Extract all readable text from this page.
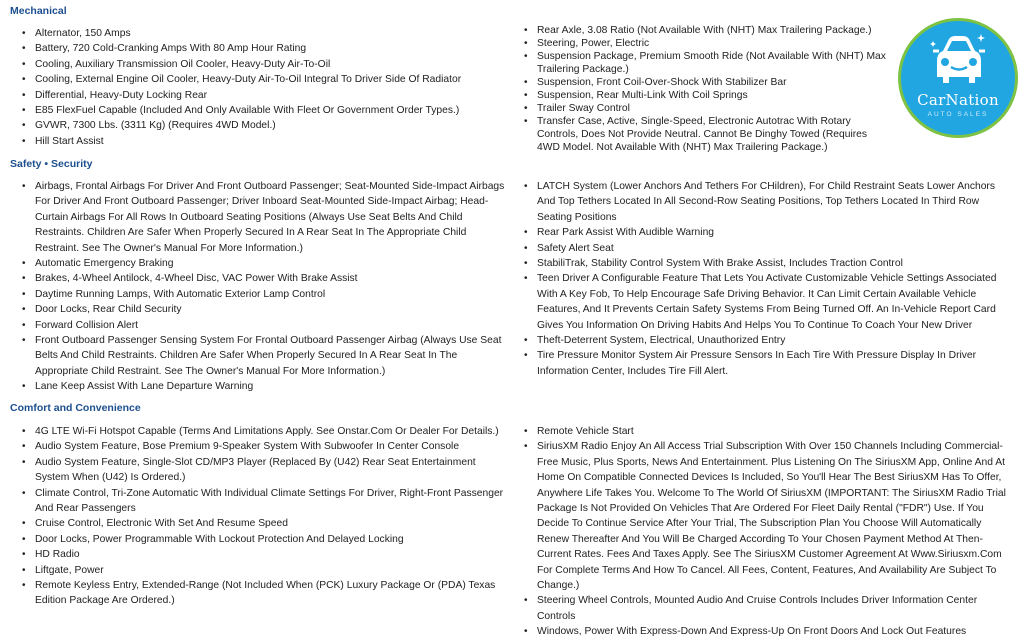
Mechanical
• Alternator, 150 Amps
• Battery, 720 Cold-Cranking Amps With 80 Amp Hour Rating
• Cooling, Auxiliary Transmission Oil Cooler, Heavy-Duty Air-To-Oil
• Cooling, External Engine Oil Cooler, Heavy-Duty Air-To-Oil Integral To Driver Side Of Radiator
• Differential, Heavy-Duty Locking Rear
• E85 FlexFuel Capable (Included And Only Available With Fleet Or Government Order Types.)
• GVWR, 7300 Lbs. (3311 Kg) (Requires 4WD Model.)
• Hill Start Assist
• Rear Axle, 3.08 Ratio (Not Available With (NHT) Max Trailering Package.)
• Steering, Power, Electric
• Suspension Package, Premium Smooth Ride (Not Available With (NHT) Max Trailering Package.)
• Suspension, Front Coil-Over-Shock With Stabilizer Bar
• Suspension, Rear Multi-Link With Coil Springs
• Trailer Sway Control
• Transfer Case, Active, Single-Speed, Electronic Autotrac With Rotary Controls, Does Not Provide Neutral. Cannot Be Dinghy Towed (Requires 4WD Model. Not Available With (NHT) Max Trailering Package.)
Safety • Security
• Airbags, Frontal Airbags For Driver And Front Outboard Passenger; Seat-Mounted Side-Impact Airbags For Driver And Front Outboard Passenger; Driver Inboard Seat-Mounted Side-Impact Airbag; Head-Curtain Airbags For All Rows In Outboard Seating Positions (Always Use Seat Belts And Child Restraints. Children Are Safer When Properly Secured In A Rear Seat In The Appropriate Child Restraint. See The Owner's Manual For More Information.)
• Automatic Emergency Braking
• Brakes, 4-Wheel Antilock, 4-Wheel Disc, VAC Power With Brake Assist
• Daytime Running Lamps, With Automatic Exterior Lamp Control
• Door Locks, Rear Child Security
• Forward Collision Alert
• Front Outboard Passenger Sensing System For Frontal Outboard Passenger Airbag (Always Use Seat Belts And Child Restraints. Children Are Safer When Properly Secured In A Rear Seat In The Appropriate Child Restraint. See The Owner's Manual For More Information.)
• Lane Keep Assist With Lane Departure Warning
• LATCH System (Lower Anchors And Tethers For CHildren), For Child Restraint Seats Lower Anchors And Top Tethers Located In All Second-Row Seating Positions, Top Tethers Located In Third Row Seating Positions
• Rear Park Assist With Audible Warning
• Safety Alert Seat
• StabiliTrak, Stability Control System With Brake Assist, Includes Traction Control
• Teen Driver A Configurable Feature That Lets You Activate Customizable Vehicle Settings Associated With A Key Fob, To Help Encourage Safe Driving Behavior. It Can Limit Certain Available Vehicle Features, And It Prevents Certain Safety Systems From Being Turned Off. An In-Vehicle Report Card Gives You Information On Driving Habits And Helps You To Continue To Coach Your New Driver
• Theft-Deterrent System, Electrical, Unauthorized Entry
• Tire Pressure Monitor System Air Pressure Sensors In Each Tire With Pressure Display In Driver Information Center, Includes Tire Fill Alert.
Comfort and Convenience
• 4G LTE Wi-Fi Hotspot Capable (Terms And Limitations Apply. See Onstar.Com Or Dealer For Details.)
• Audio System Feature, Bose Premium 9-Speaker System With Subwoofer In Center Console
• Audio System Feature, Single-Slot CD/MP3 Player (Replaced By (U42) Rear Seat Entertainment System When (U42) Is Ordered.)
• Climate Control, Tri-Zone Automatic With Individual Climate Settings For Driver, Right-Front Passenger And Rear Passengers
• Cruise Control, Electronic With Set And Resume Speed
• Door Locks, Power Programmable With Lockout Protection And Delayed Locking
• HD Radio
• Liftgate, Power
• Remote Keyless Entry, Extended-Range (Not Included When (PCK) Luxury Package Or (PDA) Texas Edition Package Are Ordered.)
• Remote Vehicle Start
• SiriusXM Radio Enjoy An All Access Trial Subscription With Over 150 Channels Including Commercial-Free Music, Plus Sports, News And Entertainment. Plus Listening On The SiriusXM App, Online And At Home On Compatible Connected Devices Is Included, So You'll Hear The Best SiriusXM Has To Offer, Anywhere Life Takes You. Welcome To The World Of SiriusXM (IMPORTANT: The SiriusXM Radio Trial Package Is Not Provided On Vehicles That Are Ordered For Fleet Daily Rental ("FDR") Use. If You Decide To Continue Service After Your Trial, The Subscription Plan You Choose Will Automatically Renew Thereafter And You Will Be Charged According To Your Chosen Payment Method At Then-Current Rates. Fees And Taxes Apply. See The SiriusXM Customer Agreement At Www.Siriusxm.Com For Complete Terms And How To Cancel. All Fees, Content, Features, And Availability Are Subject To Change.)
• Steering Wheel Controls, Mounted Audio And Cruise Controls Includes Driver Information Center Controls
• Windows, Power With Express-Down And Express-Up On Front Doors And Lock Out Features
CarNation
AUTO SALES
